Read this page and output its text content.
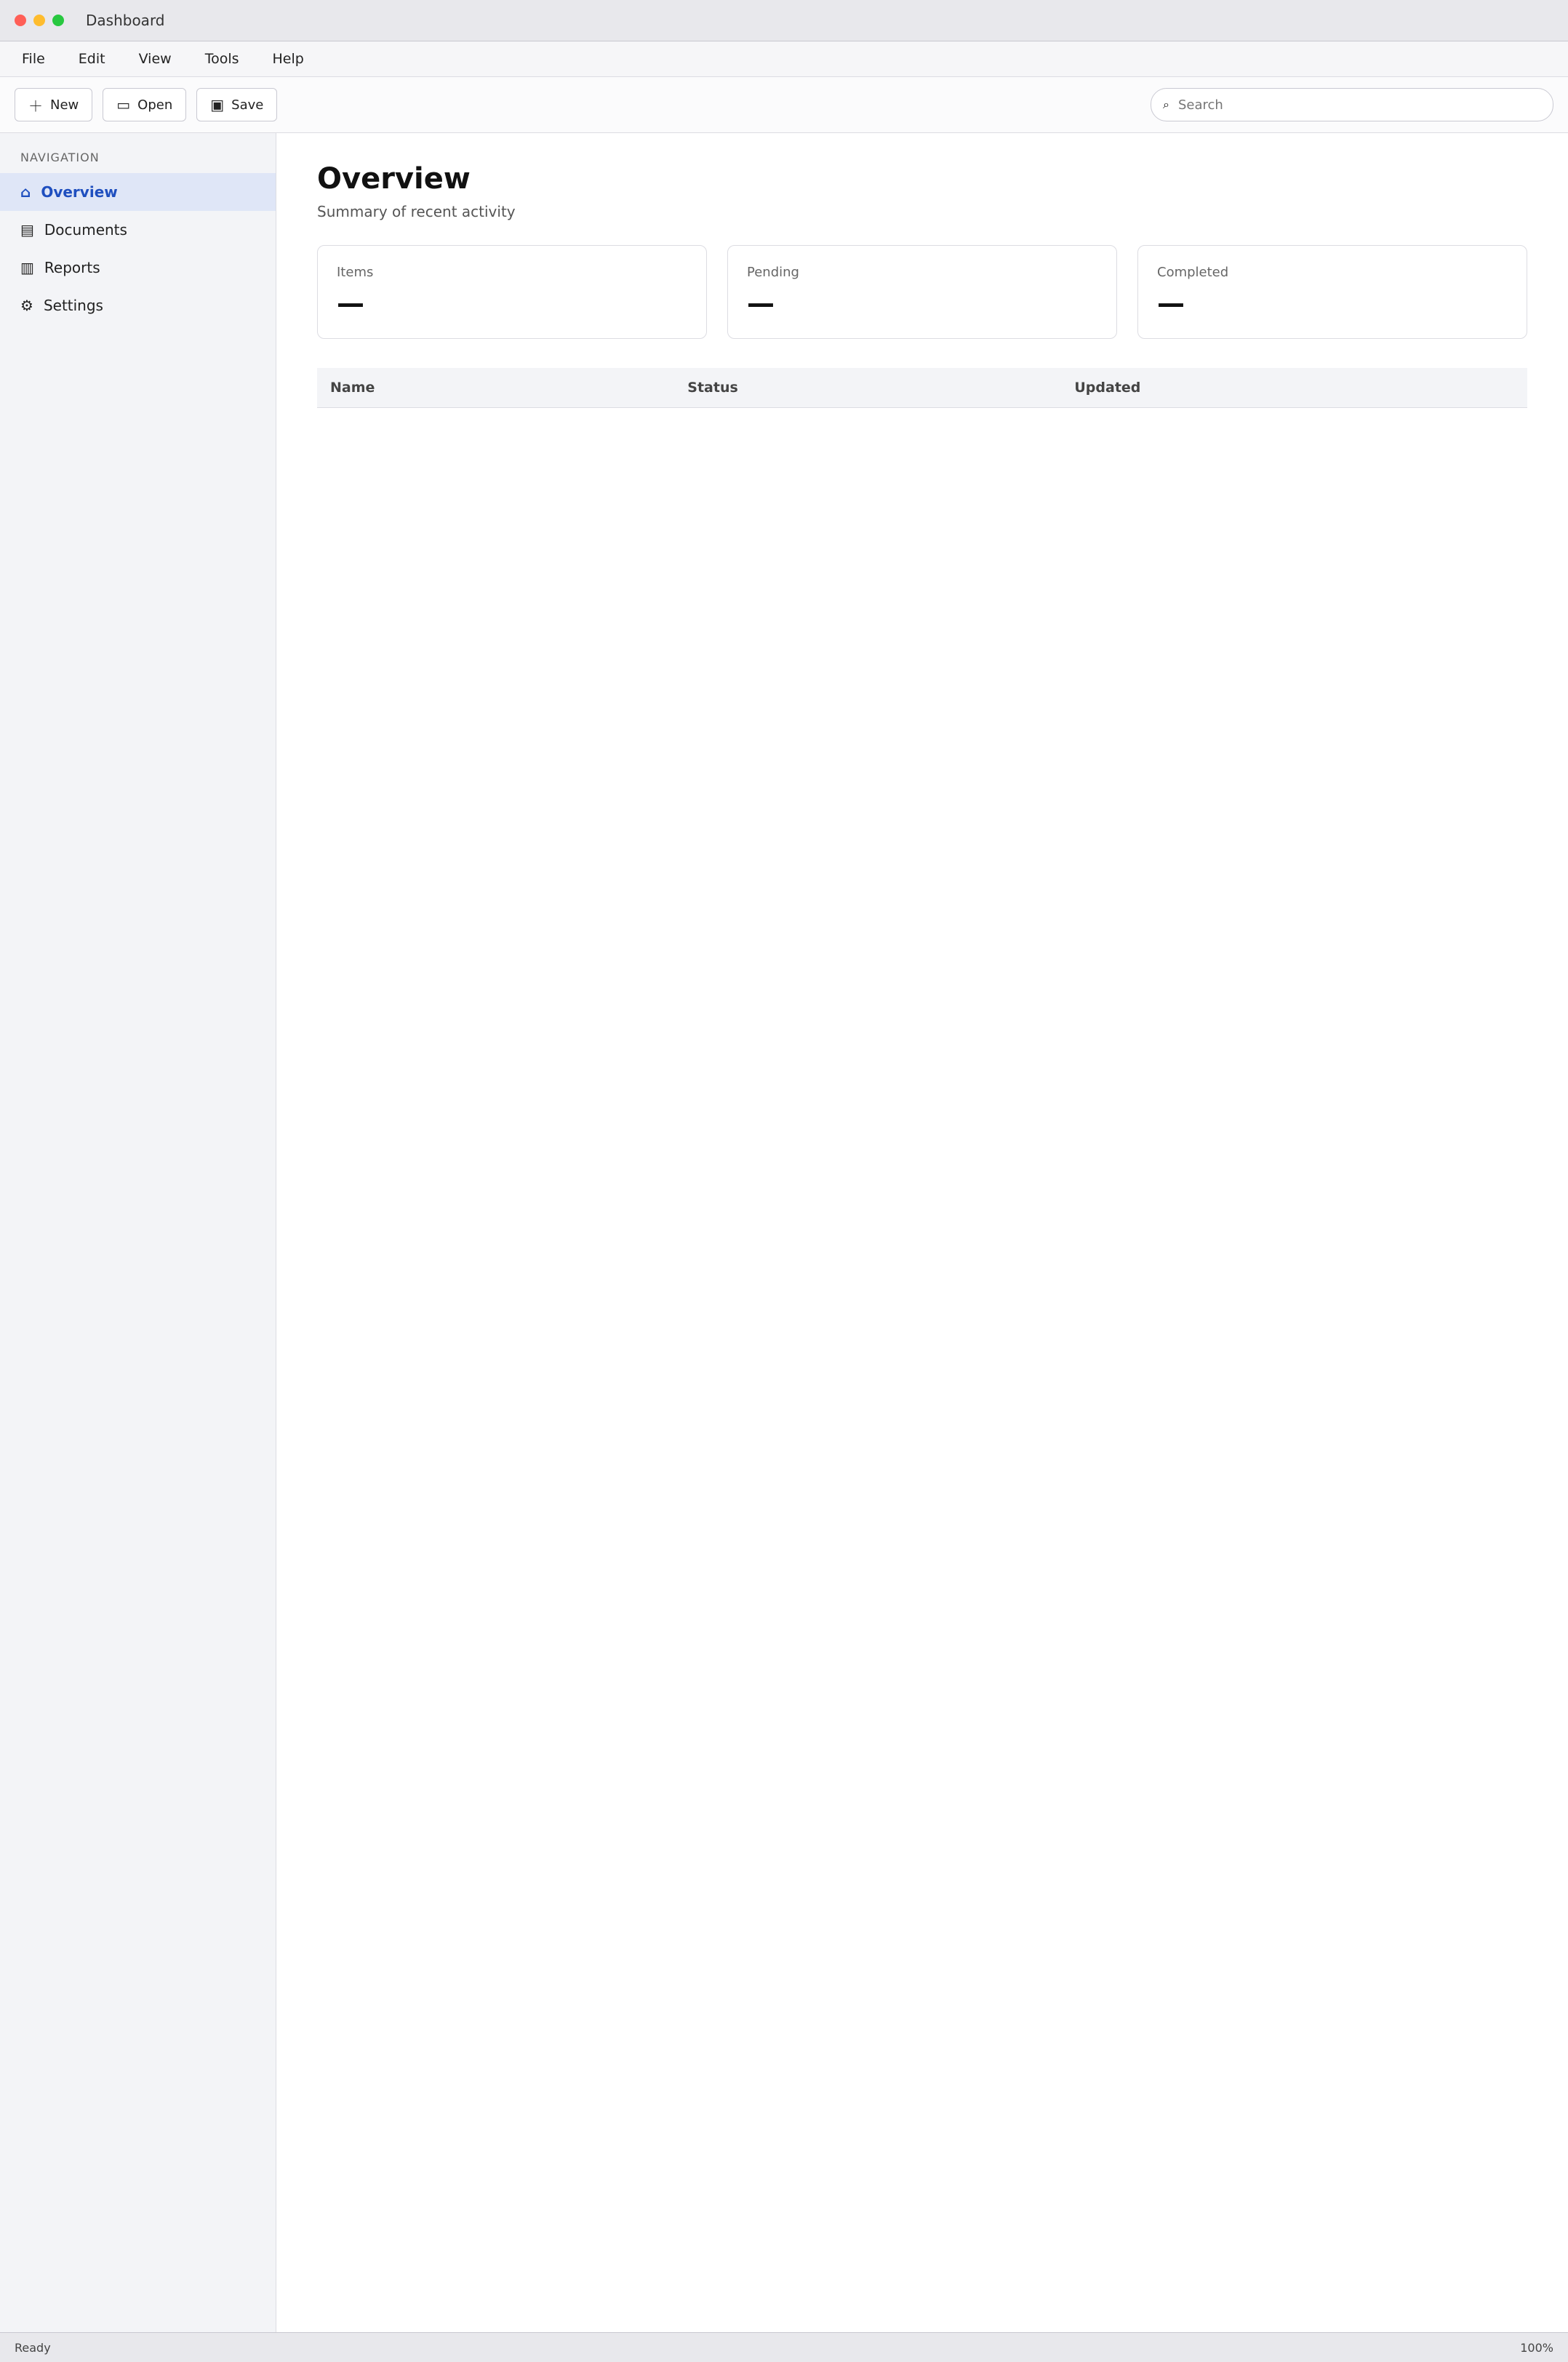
Dashboard
File	Edit	View	Tools	Help
＋ New	▭ Open	▣ Save	⌕
Search
NAVIGATION
⌂ Overview
▤ Documents
▥ Reports
⚙ Settings
Overview

Summary of recent activity

Items
—
Pending
—
Completed
—
Name	Status	Updated
Ready	100%
